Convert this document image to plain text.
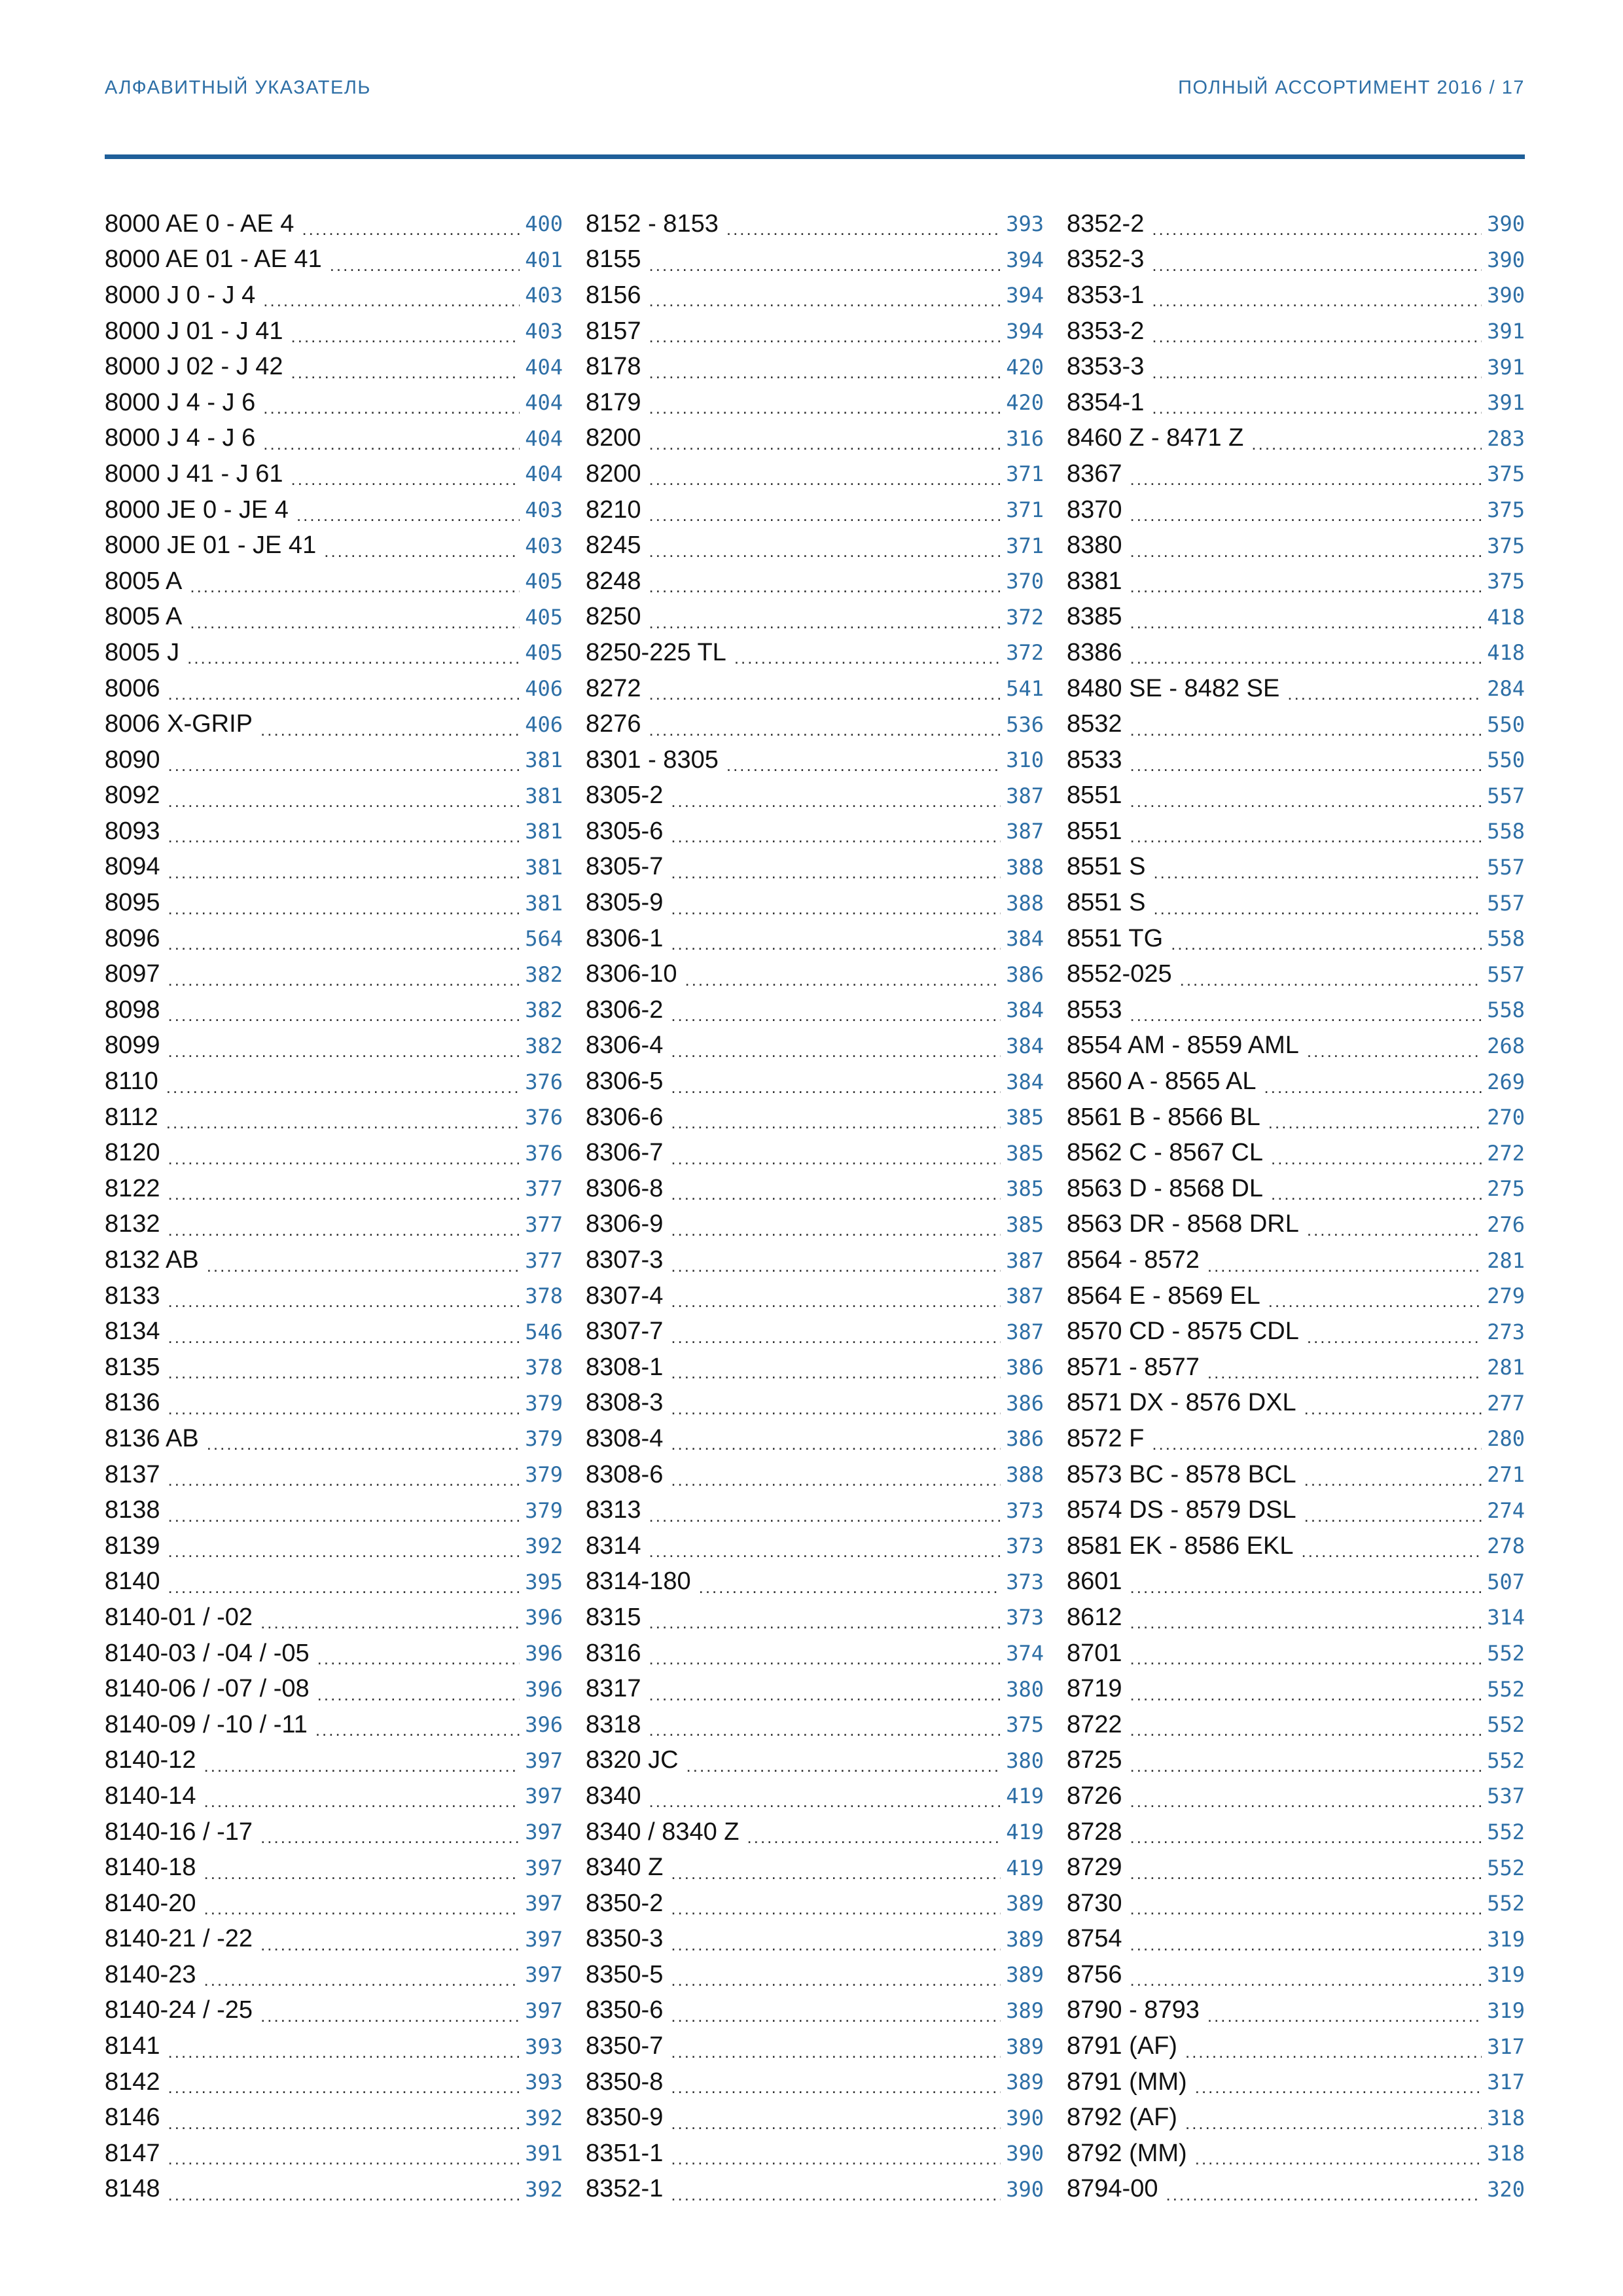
АЛФАВИТНЫЙ УКАЗАТЕЛЬ	ПОЛНЫЙ АССОРТИМЕНТ 2016 / 17
8000 AE 0 - AE 4 .....	400
8000 AE 01 - AE 41 .....	401
8000 J 0 - J 4 .....	403
8000 J 01 - J 41 .....	403
8000 J 02 - J 42 .....	404
8000 J 4 - J 6 .....	404
8000 J 4 - J 6 .....	404
8000 J 41 - J 61 .....	404
8000 JE 0 - JE 4 .....	403
8000 JE 01 - JE 41 .....	403
8005 A .....	405
8005 A .....	405
8005 J .....	405
8006 .....	406
8006 X-GRIP .....	406
8090 .....	381
8092 .....	381
8093 .....	381
8094 .....	381
8095 .....	381
8096 .....	564
8097 .....	382
8098 .....	382
8099 .....	382
8110 .....	376
8112 .....	376
8120 .....	376
8122 .....	377
8132 .....	377
8132 AB .....	377
8133 .....	378
8134 .....	546
8135 .....	378
8136 .....	379
8136 AB .....	379
8137 .....	379
8138 .....	379
8139 .....	392
8140 .....	395
8140-01 / -02 .....	396
8140-03 / -04 / -05 .....	396
8140-06 / -07 / -08 .....	396
8140-09 / -10 / -11 .....	396
8140-12 .....	397
8140-14 .....	397
8140-16 / -17 .....	397
8140-18 .....	397
8140-20 .....	397
8140-21 / -22 .....	397
8140-23 .....	397
8140-24 / -25 .....	397
8141 .....	393
8142 .....	393
8146 .....	392
8147 .....	391
8148 .....	392
8152 - 8153 .....	393
8155 .....	394
8156 .....	394
8157 .....	394
8178 .....	420
8179 .....	420
8200 .....	316
8200 .....	371
8210 .....	371
8245 .....	371
8248 .....	370
8250 .....	372
8250-225 TL .....	372
8272 .....	541
8276 .....	536
8301 - 8305 .....	310
8305-2 .....	387
8305-6 .....	387
8305-7 .....	388
8305-9 .....	388
8306-1 .....	384
8306-10 .....	386
8306-2 .....	384
8306-4 .....	384
8306-5 .....	384
8306-6 .....	385
8306-7 .....	385
8306-8 .....	385
8306-9 .....	385
8307-3 .....	387
8307-4 .....	387
8307-7 .....	387
8308-1 .....	386
8308-3 .....	386
8308-4 .....	386
8308-6 .....	388
8313 .....	373
8314 .....	373
8314-180 .....	373
8315 .....	373
8316 .....	374
8317 .....	380
8318 .....	375
8320 JC .....	380
8340 .....	419
8340 / 8340 Z .....	419
8340 Z .....	419
8350-2 .....	389
8350-3 .....	389
8350-5 .....	389
8350-6 .....	389
8350-7 .....	389
8350-8 .....	389
8350-9 .....	390
8351-1 .....	390
8352-1 .....	390
8352-2 .....	390
8352-3 .....	390
8353-1 .....	390
8353-2 .....	391
8353-3 .....	391
8354-1 .....	391
8460 Z - 8471 Z .....	283
8367 .....	375
8370 .....	375
8380 .....	375
8381 .....	375
8385 .....	418
8386 .....	418
8480 SE - 8482 SE .....	284
8532 .....	550
8533 .....	550
8551 .....	557
8551 .....	558
8551 S .....	557
8551 S .....	557
8551 TG .....	558
8552-025 .....	557
8553 .....	558
8554 AM - 8559 AML .....	268
8560 A - 8565 AL .....	269
8561 B - 8566 BL .....	270
8562 C - 8567 CL .....	272
8563 D - 8568 DL .....	275
8563 DR - 8568 DRL .....	276
8564 - 8572 .....	281
8564 E - 8569 EL .....	279
8570 CD - 8575 CDL .....	273
8571 - 8577 .....	281
8571 DX - 8576 DXL .....	277
8572 F .....	280
8573 BC - 8578 BCL .....	271
8574 DS - 8579 DSL .....	274
8581 EK - 8586 EKL .....	278
8601 .....	507
8612 .....	314
8701 .....	552
8719 .....	552
8722 .....	552
8725 .....	552
8726 .....	537
8728 .....	552
8729 .....	552
8730 .....	552
8754 .....	319
8756 .....	319
8790 - 8793 .....	319
8791 (AF) .....	317
8791 (MM) .....	317
8792 (AF) .....	318
8792 (MM) .....	318
8794-00 .....	320
